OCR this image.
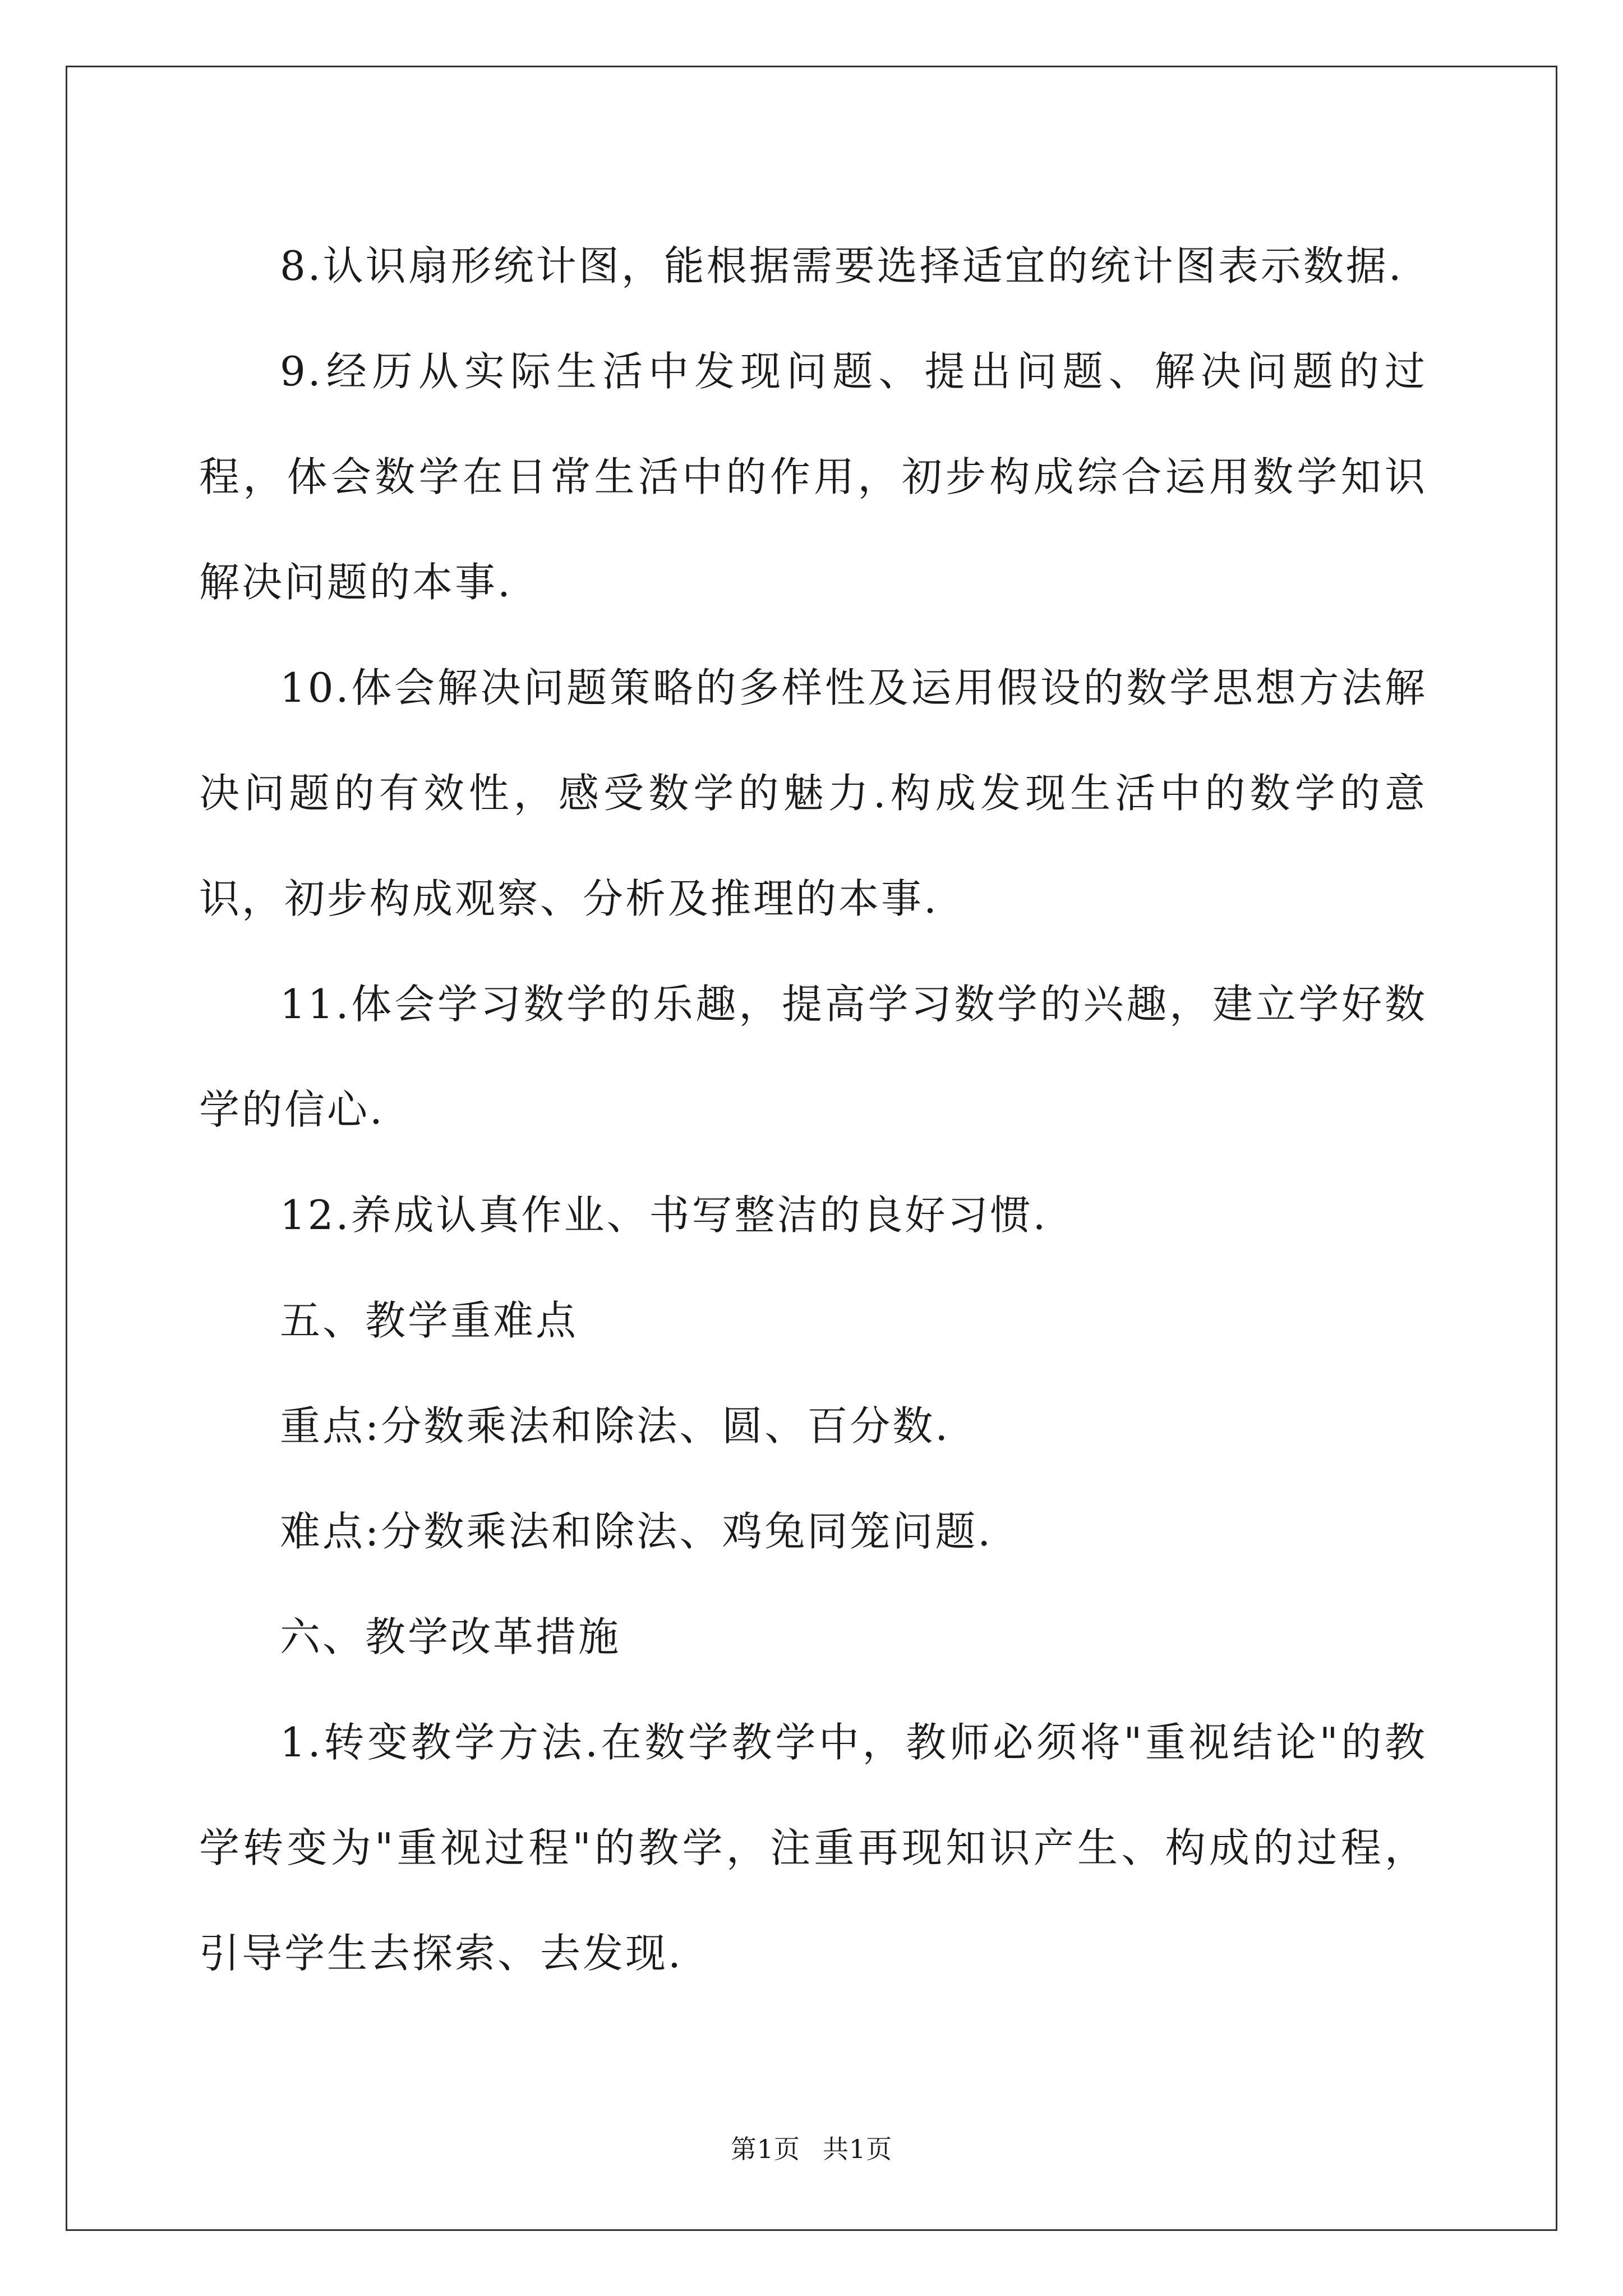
8.认识扇形统计图，能根据需要选择适宜的统计图表示数据.

9.经历从实际生活中发现问题、提出问题、解决问题的过程，体会数学在日常生活中的作用，初步构成综合运用数学知识解决问题的本事.

10.体会解决问题策略的多样性及运用假设的数学思想方法解决问题的有效性，感受数学的魅力.构成发现生活中的数学的意识，初步构成观察、分析及推理的本事.

11.体会学习数学的乐趣，提高学习数学的兴趣，建立学好数学的信心.

12.养成认真作业、书写整洁的良好习惯.

五、教学重难点

重点:分数乘法和除法、圆、百分数.

难点:分数乘法和除法、鸡兔同笼问题.

六、教学改革措施

1.转变教学方法.在数学教学中，教师必须将"重视结论"的教学转变为"重视过程"的教学，注重再现知识产生、构成的过程，引导学生去探索、去发现.

第1页 共1页
